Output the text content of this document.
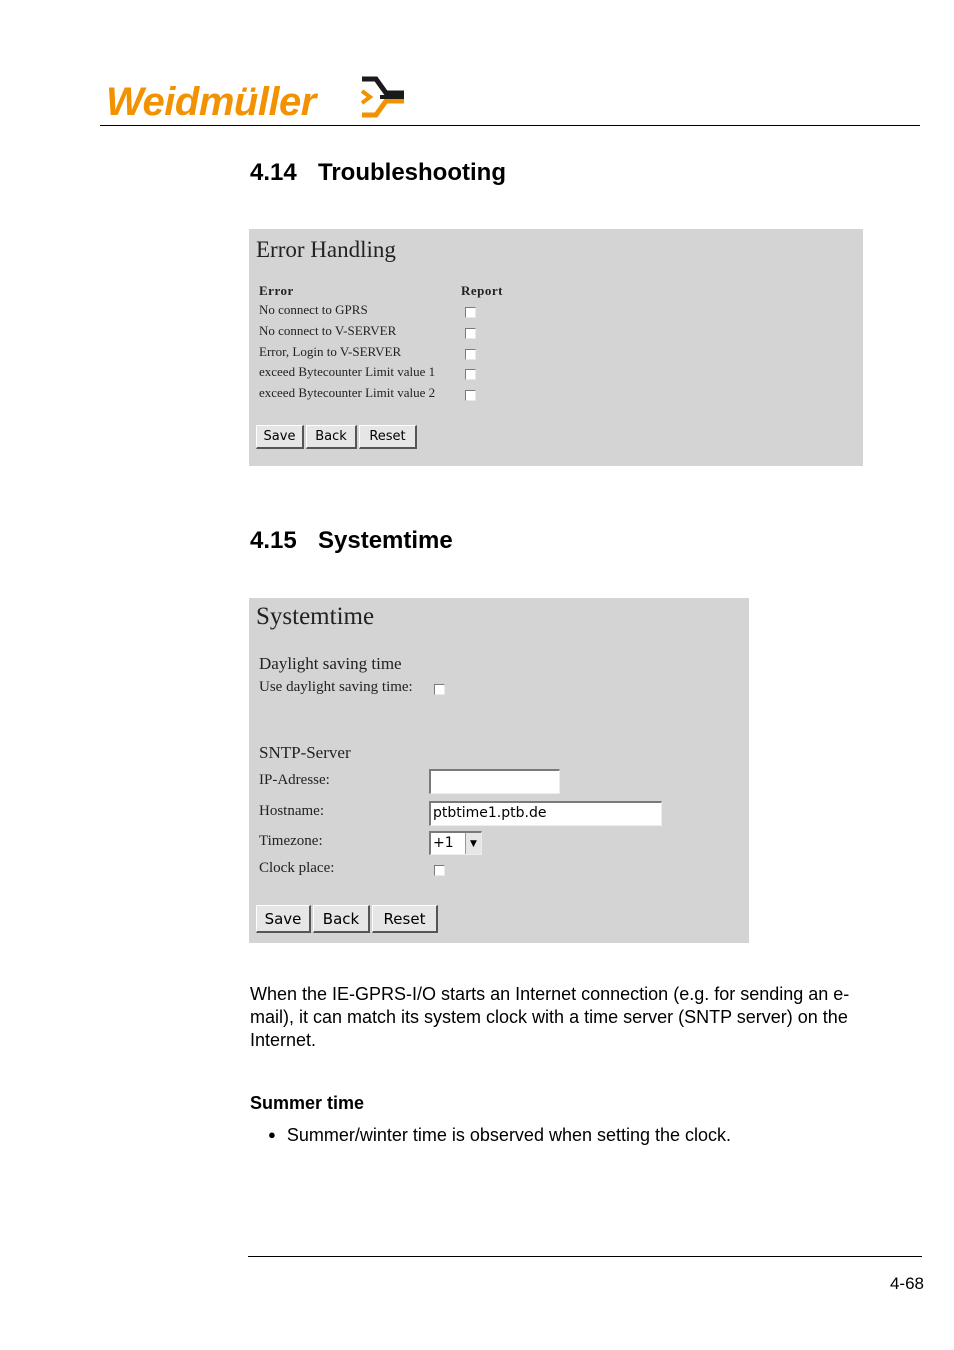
Weidmüller
4.14 Troubleshooting
Error Handling
Error	Report
No connect to GPRS
No connect to V-SERVER
Error, Login to V-SERVER
exceed Bytecounter Limit value 1
exceed Bytecounter Limit value 2
Save	Back	Reset
4.15 Systemtime
Systemtime
Daylight saving time
Use daylight saving time:
SNTP-Server
IP-Adresse:
Hostname:	ptbtime1.ptb.de
Timezone:	+1	▼
Clock place:
Save	Back	Reset
When the IE-GPRS-I/O starts an Internet connection (e.g. for sending an e-mail), it can match its system clock with a time server (SNTP server) on the Internet.
Summer time
● Summer/winter time is observed when setting the clock.
4-68
